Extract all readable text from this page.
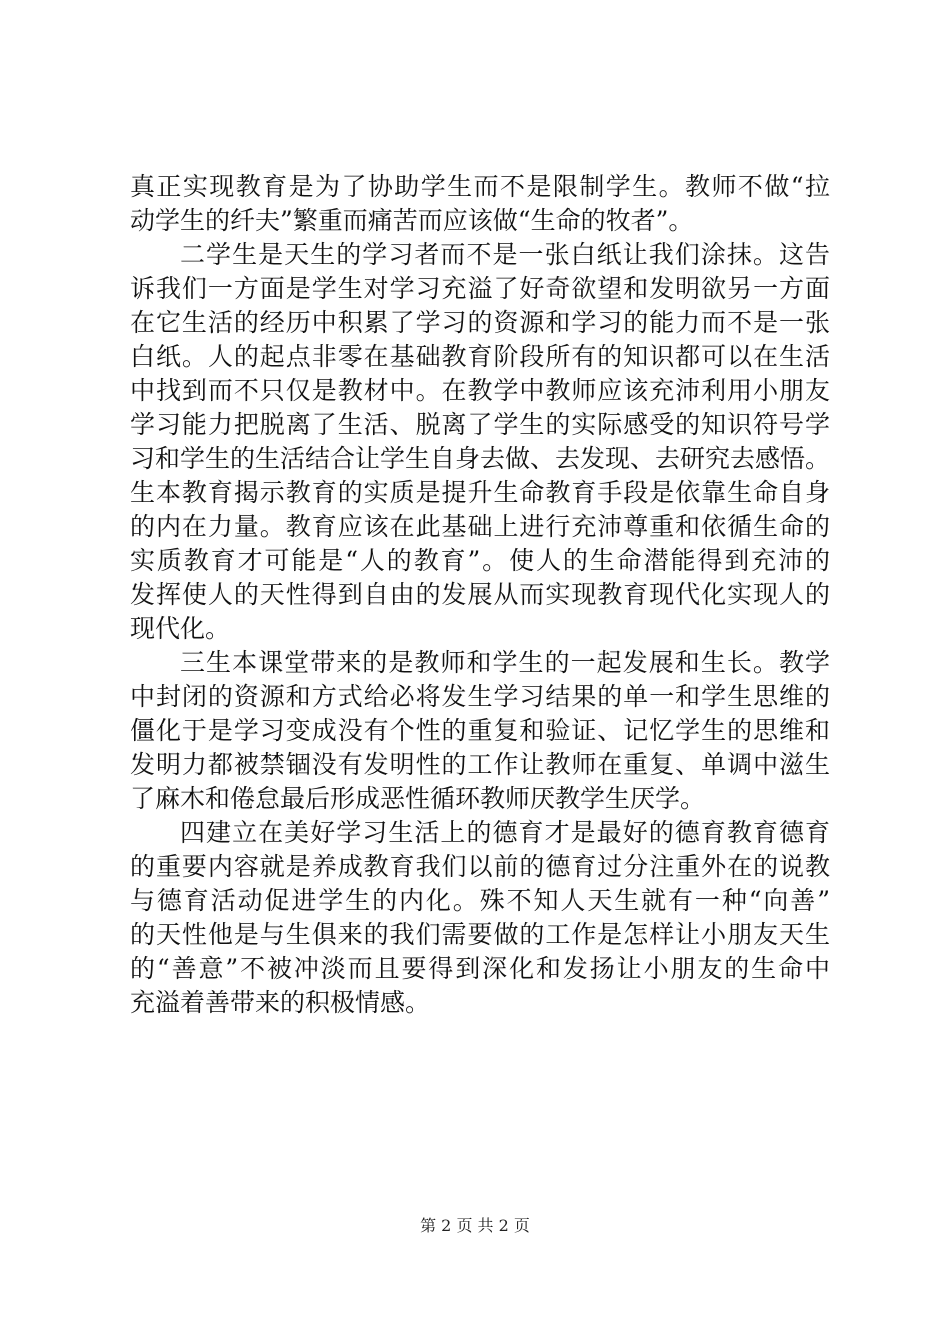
真正实现教育是为了协助学生而不是限制学生。教师不做“拉

动学生的纤夫”繁重而痛苦而应该做“生命的牧者”。

二学生是天生的学习者而不是一张白纸让我们涂抹。这告

诉我们一方面是学生对学习充溢了好奇欲望和发明欲另一方面

在它生活的经历中积累了学习的资源和学习的能力而不是一张

白纸。人的起点非零在基础教育阶段所有的知识都可以在生活

中找到而不只仅是教材中。在教学中教师应该充沛利用小朋友

学习能力把脱离了生活、脱离了学生的实际感受的知识符号学

习和学生的生活结合让学生自身去做、去发现、去研究去感悟。

生本教育揭示教育的实质是提升生命教育手段是依靠生命自身

的内在力量。教育应该在此基础上进行充沛尊重和依循生命的

实质教育才可能是“人的教育”。使人的生命潜能得到充沛的

发挥使人的天性得到自由的发展从而实现教育现代化实现人的

现代化。

三生本课堂带来的是教师和学生的一起发展和生长。教学

中封闭的资源和方式给必将发生学习结果的单一和学生思维的

僵化于是学习变成没有个性的重复和验证、记忆学生的思维和

发明力都被禁锢没有发明性的工作让教师在重复、单调中滋生

了麻木和倦怠最后形成恶性循环教师厌教学生厌学。

四建立在美好学习生活上的德育才是最好的德育教育德育

的重要内容就是养成教育我们以前的德育过分注重外在的说教

与德育活动促进学生的内化。殊不知人天生就有一种“向善”

的天性他是与生俱来的我们需要做的工作是怎样让小朋友天生

的“善意”不被冲淡而且要得到深化和发扬让小朋友的生命中

充溢着善带来的积极情感。

第 2 页 共 2 页
